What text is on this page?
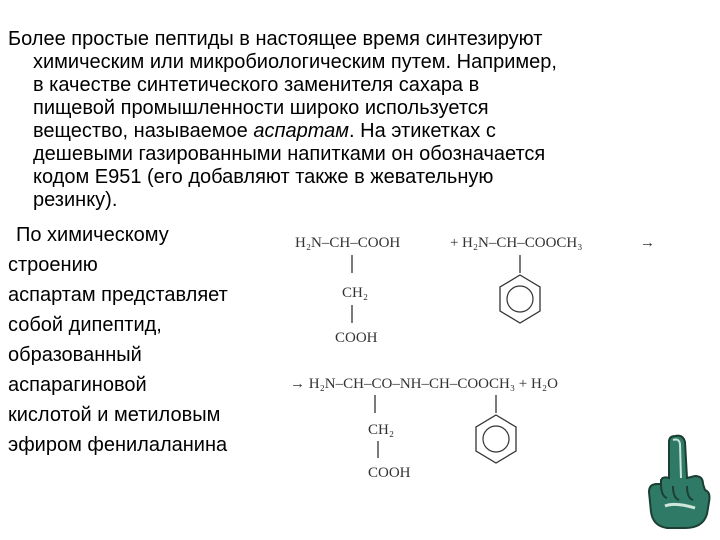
Более простые пептиды в настоящее время синтезируют
химическим или микробиологическим путем. Например,
в качестве синтетического заменителя сахара в
пищевой промышленности широко используется
вещество, называемое аспартам. На этикетках с
дешевыми газированными напитками он обозначается
кодом Е951 (его добавляют также в жевательную
резинку).
По химическому
строению
аспартам представляет
собой дипептид,
образованный
аспарагиновой
кислотой и метиловым
эфиром фенилаланина
H₂N–CH–COOH	+ H₂N–CH–COOCH₃	→
CH₂
COOH
→ H₂N–CH–CO–NH–CH–COOCH₃ + H₂O
CH₂
COOH
